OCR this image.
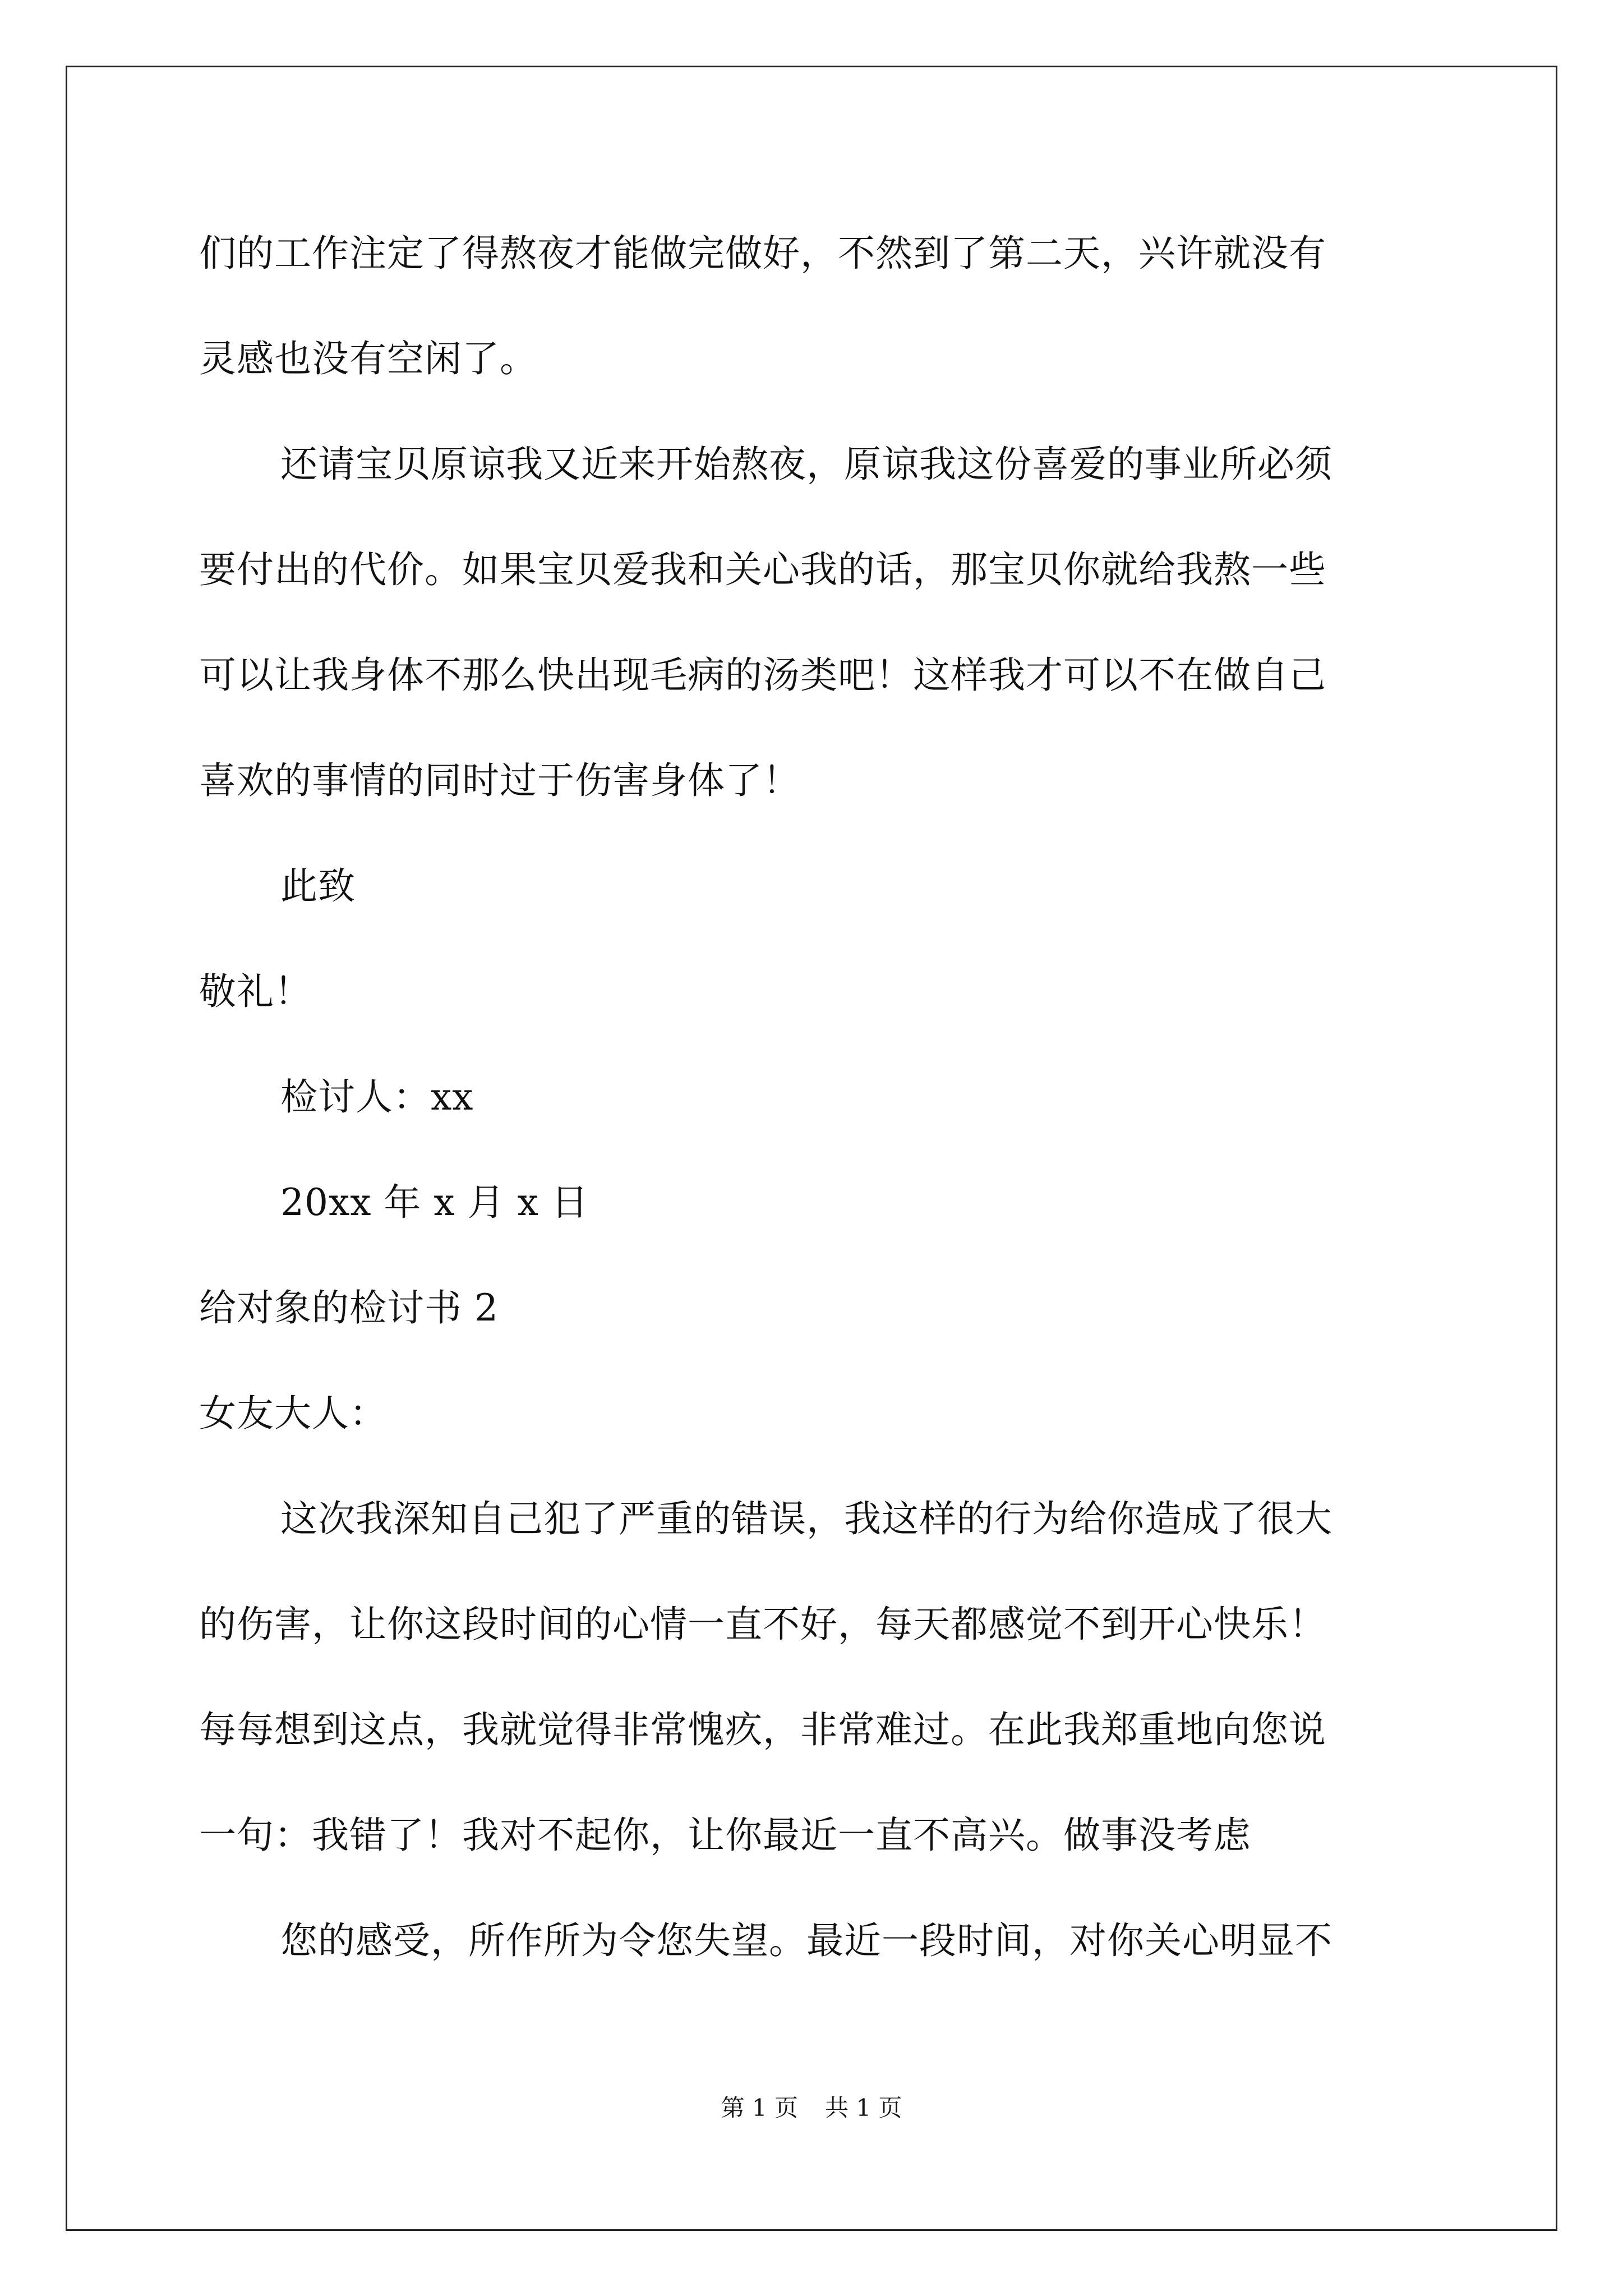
们的工作注定了得熬夜才能做完做好，不然到了第二天，兴许就没有

灵感也没有空闲了。

还请宝贝原谅我又近来开始熬夜，原谅我这份喜爱的事业所必须

要付出的代价。如果宝贝爱我和关心我的话，那宝贝你就给我熬一些

可以让我身体不那么快出现毛病的汤类吧！这样我才可以不在做自己

喜欢的事情的同时过于伤害身体了！

此致

敬礼！

检讨人：xx

20xx 年 x 月 x 日

给对象的检讨书 2

女友大人：

这次我深知自己犯了严重的错误，我这样的行为给你造成了很大

的伤害，让你这段时间的心情一直不好，每天都感觉不到开心快乐！

每每想到这点，我就觉得非常愧疚，非常难过。在此我郑重地向您说

一句：我错了！我对不起你，让你最近一直不高兴。做事没考虑

您的感受，所作所为令您失望。最近一段时间，对你关心明显不

第 1 页 共 1 页
